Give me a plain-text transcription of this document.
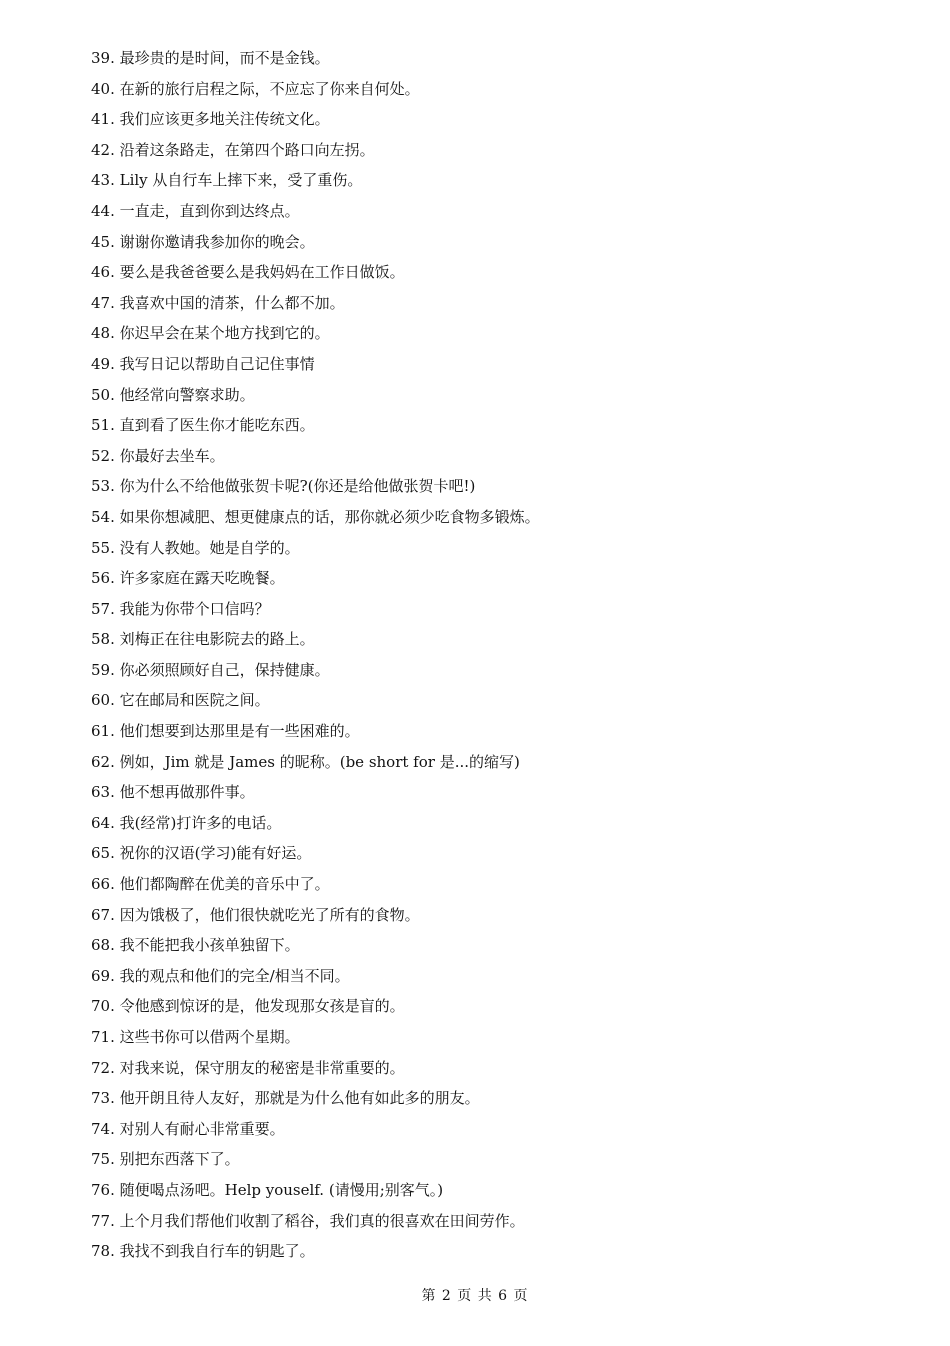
39. 最珍贵的是时间，而不是金钱。
40. 在新的旅行启程之际，不应忘了你来自何处。
41. 我们应该更多地关注传统文化。
42. 沿着这条路走，在第四个路口向左拐。
43. Lily 从自行车上摔下来，受了重伤。
44. 一直走，直到你到达终点。
45. 谢谢你邀请我参加你的晚会。
46. 要么是我爸爸要么是我妈妈在工作日做饭。
47. 我喜欢中国的清茶，什么都不加。
48. 你迟早会在某个地方找到它的。
49. 我写日记以帮助自己记住事情
50. 他经常向警察求助。
51. 直到看了医生你才能吃东西。
52. 你最好去坐车。
53. 你为什么不给他做张贺卡呢?(你还是给他做张贺卡吧!)
54. 如果你想减肥、想更健康点的话，那你就必须少吃食物多锻炼。
55. 没有人教她。她是自学的。
56. 许多家庭在露天吃晚餐。
57. 我能为你带个口信吗？
58. 刘梅正在往电影院去的路上。
59. 你必须照顾好自己，保持健康。
60. 它在邮局和医院之间。
61. 他们想要到达那里是有一些困难的。
62. 例如，Jim 就是 James 的昵称。(be short for 是...的缩写)
63. 他不想再做那件事。
64. 我(经常)打许多的电话。
65. 祝你的汉语(学习)能有好运。
66. 他们都陶醉在优美的音乐中了。
67. 因为饿极了，他们很快就吃光了所有的食物。
68. 我不能把我小孩单独留下。
69. 我的观点和他们的完全/相当不同。
70. 令他感到惊讶的是，他发现那女孩是盲的。
71. 这些书你可以借两个星期。
72. 对我来说，保守朋友的秘密是非常重要的。
73. 他开朗且待人友好，那就是为什么他有如此多的朋友。
74. 对别人有耐心非常重要。
75. 别把东西落下了。
76. 随便喝点汤吧。Help youself. (请慢用;别客气。)
77. 上个月我们帮他们收割了稻谷，我们真的很喜欢在田间劳作。
78. 我找不到我自行车的钥匙了。
第 2 页 共 6 页
